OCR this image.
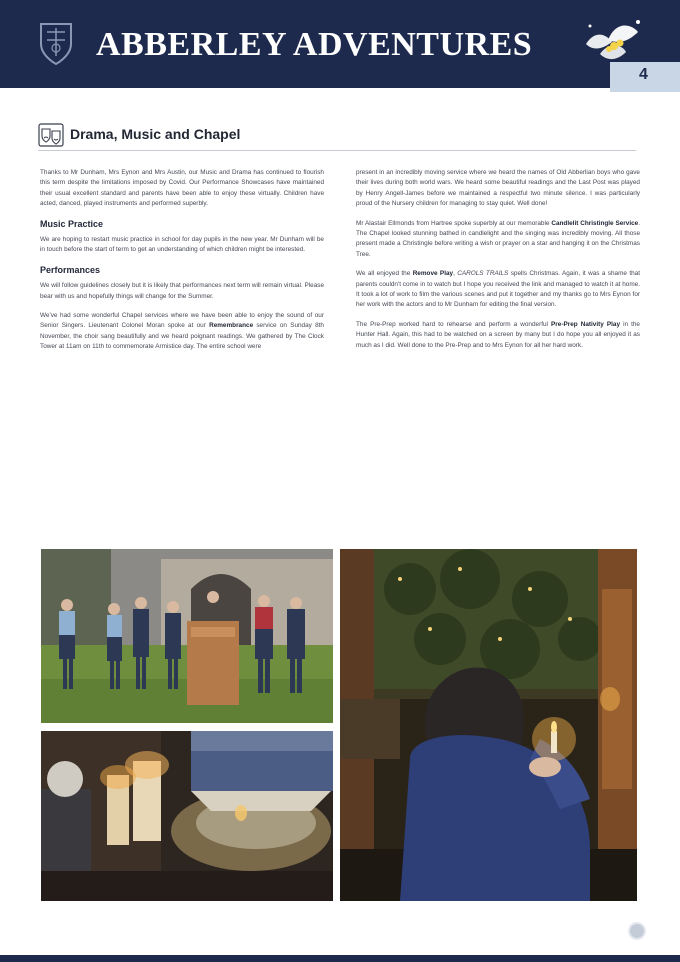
ABBERLEY ADVENTURES
4
Drama, Music and Chapel

Thanks to Mr Dunham, Mrs Eynon and Mrs Austin, our Music and Drama has continued to flourish this term despite the limitations imposed by Covid. Our Performance Showcases have maintained their usual excellent standard and parents have been able to enjoy these virtually. Children have acted, danced, played instruments and performed superbly.

Music Practice

We are hoping to restart music practice in school for day pupils in the new year. Mr Dunham will be in touch before the start of term to get an understanding of which children might be interested.

Performances

We will follow guidelines closely but it is likely that performances next term will remain virtual. Please bear with us and hopefully things will change for the Summer.

We've had some wonderful Chapel services where we have been able to enjoy the sound of our Senior Singers. Lieutenant Colonel Moran spoke at our Remembrance service on Sunday 8th November, the choir sang beautifully and we heard poignant readings. We gathered by The Clock Tower at 11am on 11th to commemorate Armistice day. The entire school were

present in an incredibly moving service where we heard the names of Old Abberlian boys who gave their lives during both world wars. We heard some beautiful readings and the Last Post was played by Henry Angell-James before we maintained a respectful two minute silence. I was particularly proud of the Nursery children for managing to stay quiet. Well done!

Mr Alastair Ellmonds from Hartree spoke superbly at our memorable Candlelit Christingle Service. The Chapel looked stunning bathed in candlelight and the singing was incredibly moving. All those present made a Christingle before writing a wish or prayer on a star and hanging it on the Christmas Tree.

We all enjoyed the Remove Play, CAROLS TRAILS spells Christmas. Again, it was a shame that parents couldn't come in to watch but I hope you received the link and managed to watch it at home. It took a lot of work to film the various scenes and put it together and my thanks go to Mrs Eynon for her work with the actors and to Mr Dunham for editing the final version.

The Pre-Prep worked hard to rehearse and perform a wonderful Pre-Prep Nativity Play in the Hunter Hall. Again, this had to be watched on a screen by many but I do hope you all enjoyed it as much as I did. Well done to the Pre-Prep and to Mrs Eynon for all her hard work.
